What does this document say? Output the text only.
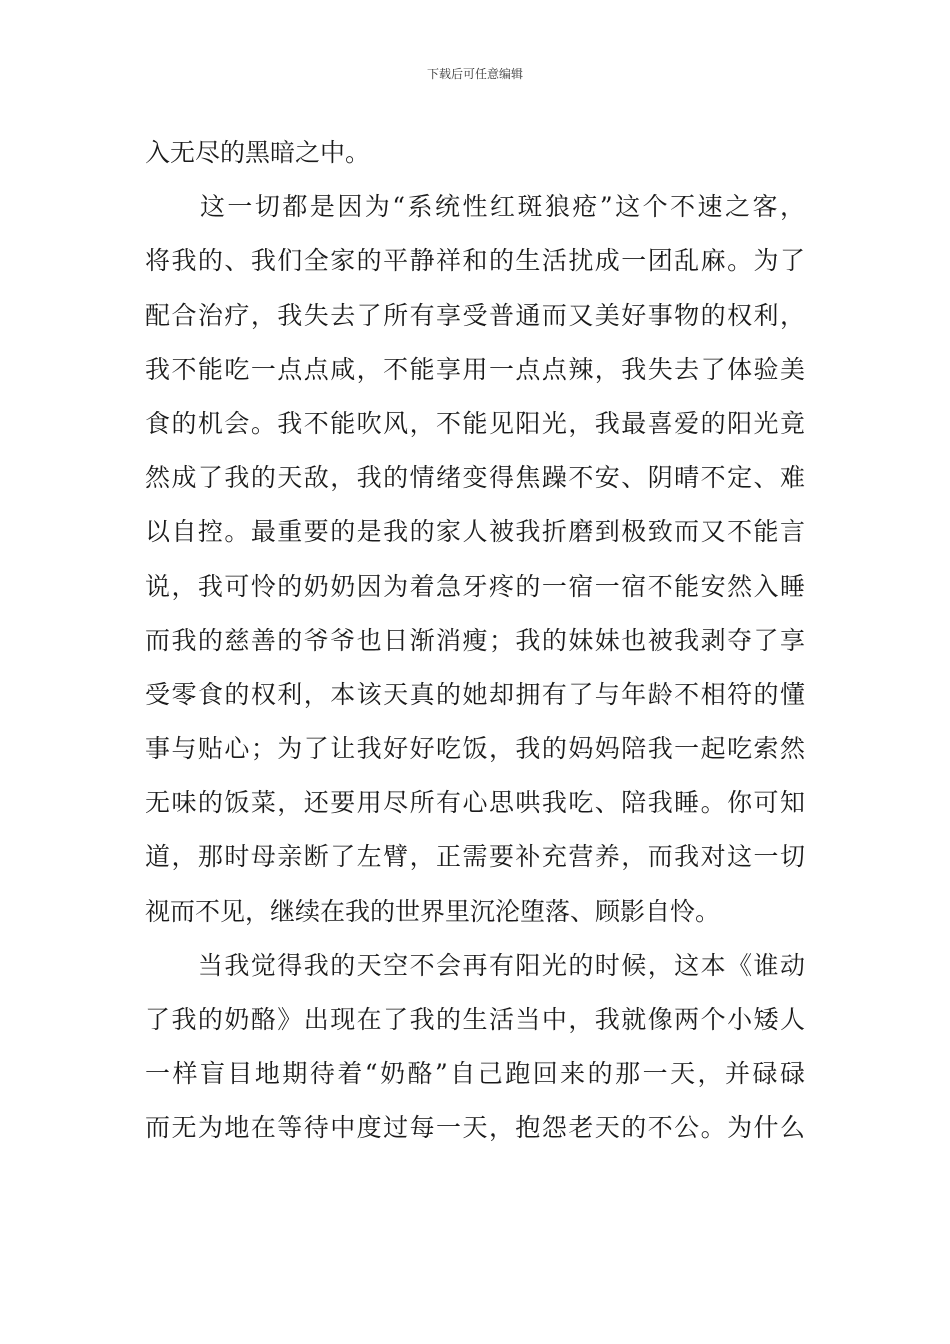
下载后可任意编辑
入无尽的黑暗之中。
　　这一切都是因为“系统性红斑狼疮”这个不速之客，
将我的、我们全家的平静祥和的生活扰成一团乱麻。为了
配合治疗，我失去了所有享受普通而又美好事物的权利，
我不能吃一点点咸，不能享用一点点辣，我失去了体验美
食的机会。我不能吹风，不能见阳光，我最喜爱的阳光竟
然成了我的天敌，我的情绪变得焦躁不安、阴晴不定、难
以自控。最重要的是我的家人被我折磨到极致而又不能言
说，我可怜的奶奶因为着急牙疼的一宿一宿不能安然入睡
而我的慈善的爷爷也日渐消瘦；我的妹妹也被我剥夺了享
受零食的权利，本该天真的她却拥有了与年龄不相符的懂
事与贴心；为了让我好好吃饭，我的妈妈陪我一起吃索然
无味的饭菜，还要用尽所有心思哄我吃、陪我睡。你可知
道，那时母亲断了左臂，正需要补充营养，而我对这一切
视而不见，继续在我的世界里沉沦堕落、顾影自怜。
　　当我觉得我的天空不会再有阳光的时候，这本《谁动
了我的奶酪》出现在了我的生活当中，我就像两个小矮人
一样盲目地期待着“奶酪”自己跑回来的那一天，并碌碌
而无为地在等待中度过每一天，抱怨老天的不公。为什么
